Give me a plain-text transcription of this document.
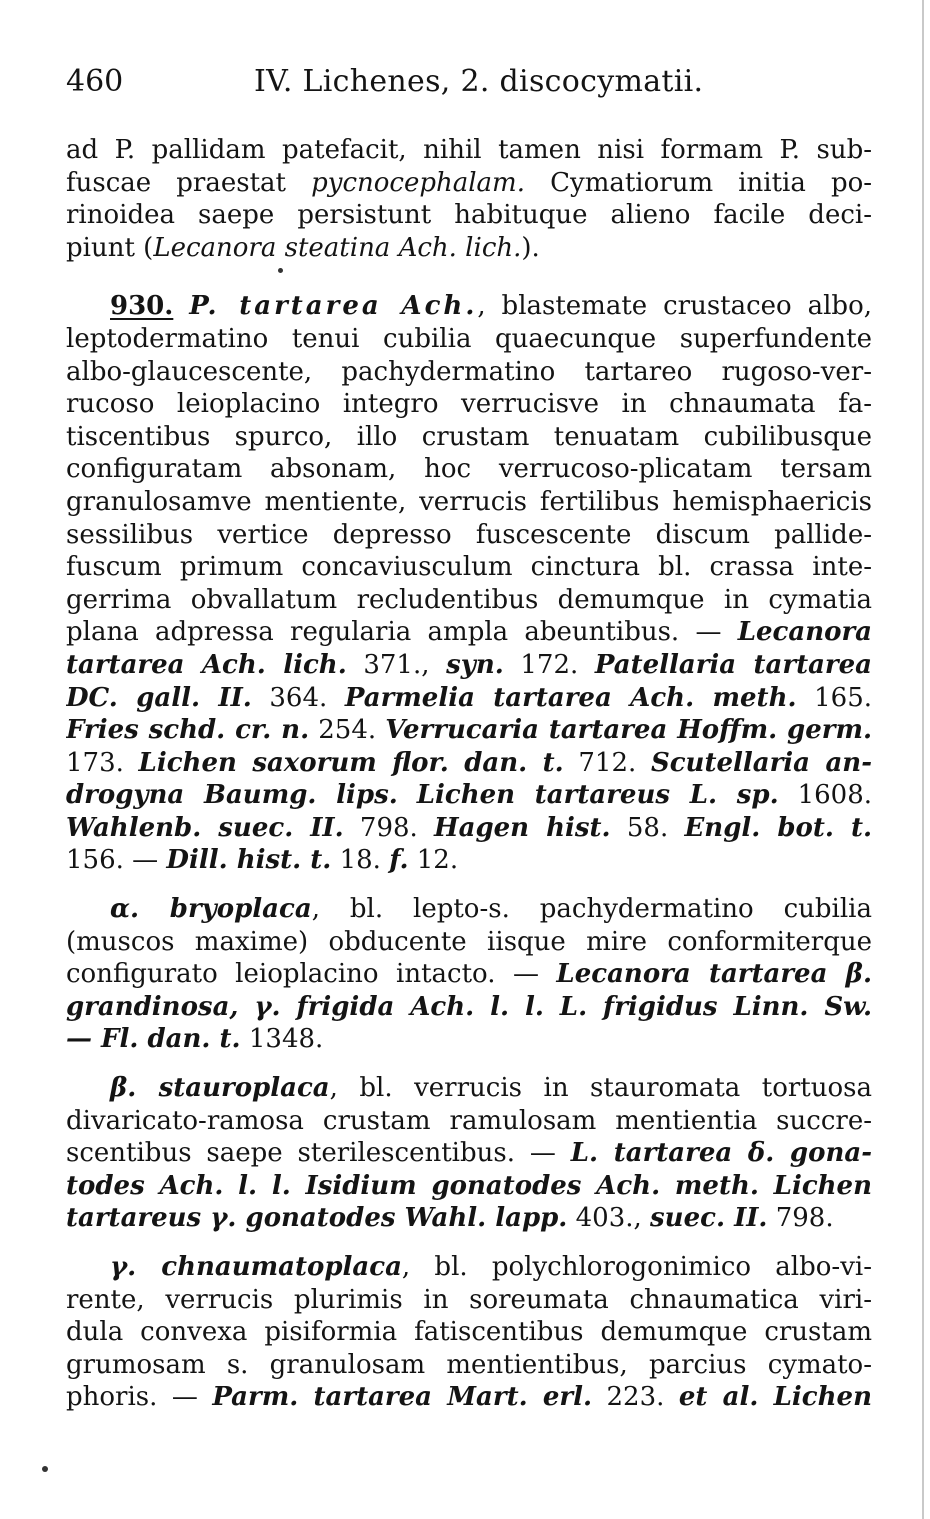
460	IV. Lichenes, 2. discocymatii.
ad P. pallidam patefacit, nihil tamen nisi formam P. sub-
fuscae praestat pycnocephalam. Cymatiorum initia po-
rinoidea saepe persistunt habituque alieno facile deci-
piunt (Lecanora steatina Ach. lich.).
930. P. tartarea Ach., blastemate crustaceo albo,
leptodermatino tenui cubilia quaecunque superfundente
albo-glaucescente, pachydermatino tartareo rugoso-ver-
rucoso leioplacino integro verrucisve in chnaumata fa-
tiscentibus spurco, illo crustam tenuatam cubilibusque
configuratam absonam, hoc verrucoso-plicatam tersam
granulosamve mentiente, verrucis fertilibus hemisphaericis
sessilibus vertice depresso fuscescente discum pallide-
fuscum primum concaviusculum cinctura bl. crassa inte-
gerrima obvallatum recludentibus demumque in cymatia
plana adpressa regularia ampla abeuntibus. — Lecanora
tartarea Ach. lich. 371., syn. 172. Patellaria tartarea
DC. gall. II. 364. Parmelia tartarea Ach. meth. 165.
Fries schd. cr. n. 254. Verrucaria tartarea Hoffm. germ.
173. Lichen saxorum flor. dan. t. 712. Scutellaria an-
drogyna Baumg. lips. Lichen tartareus L. sp. 1608.
Wahlenb. suec. II. 798. Hagen hist. 58. Engl. bot. t.
156. — Dill. hist. t. 18. f. 12.
α. bryoplaca, bl. lepto-s. pachydermatino cubilia
(muscos maxime) obducente iisque mire conformiterque
configurato leioplacino intacto. — Lecanora tartarea β.
grandinosa, γ. frigida Ach. l. l. L. frigidus Linn. Sw.
— Fl. dan. t. 1348.
β. stauroplaca, bl. verrucis in stauromata tortuosa
divaricato-ramosa crustam ramulosam mentientia succre-
scentibus saepe sterilescentibus. — L. tartarea δ. gona-
todes Ach. l. l. Isidium gonatodes Ach. meth. Lichen
tartareus γ. gonatodes Wahl. lapp. 403., suec. II. 798.
γ. chnaumatoplaca, bl. polychlorogonimico albo-vi-
rente, verrucis plurimis in soreumata chnaumatica viri-
dula convexa pisiformia fatiscentibus demumque crustam
grumosam s. granulosam mentientibus, parcius cymato-
phoris. — Parm. tartarea Mart. erl. 223. et al. Lichen
